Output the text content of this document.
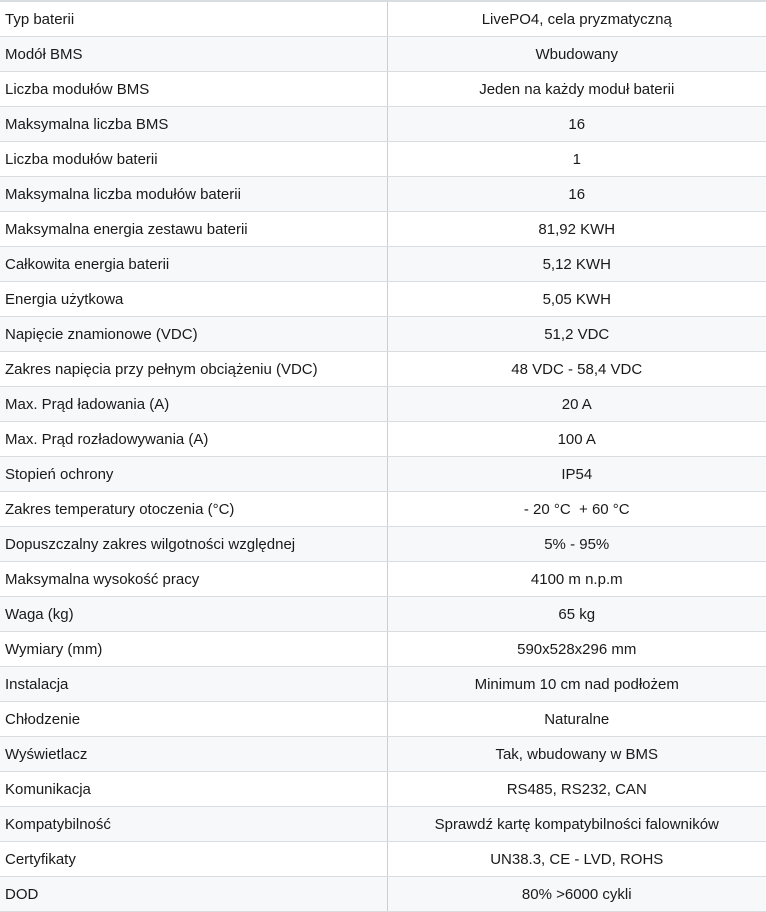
Typ baterii	LivePO4, cela pryzmatyczną
Modół BMS	Wbudowany
Liczba modułów BMS	Jeden na każdy moduł baterii
Maksymalna liczba BMS	16
Liczba modułów baterii	1
Maksymalna liczba modułów baterii	16
Maksymalna energia zestawu baterii	81,92 KWH
Całkowita energia baterii	5,12 KWH
Energia użytkowa	5,05 KWH
Napięcie znamionowe (VDC)	51,2 VDC
Zakres napięcia przy pełnym obciążeniu (VDC)	48 VDC - 58,4 VDC
Max. Prąd ładowania (A)	20 A
Max. Prąd rozładowywania (A)	100 A
Stopień ochrony	IP54
Zakres temperatury otoczenia (°C)	- 20 °C  + 60 °C
Dopuszczalny zakres wilgotności względnej	5% - 95%
Maksymalna wysokość pracy	4100 m n.p.m
Waga (kg)	65 kg
Wymiary (mm)	590x528x296 mm
Instalacja	Minimum 10 cm nad podłożem
Chłodzenie	Naturalne
Wyświetlacz	Tak, wbudowany w BMS
Komunikacja	RS485, RS232, CAN
Kompatybilność	Sprawdź kartę kompatybilności falowników
Certyfikaty	UN38.3, CE - LVD, ROHS
DOD	80% >6000 cykli
